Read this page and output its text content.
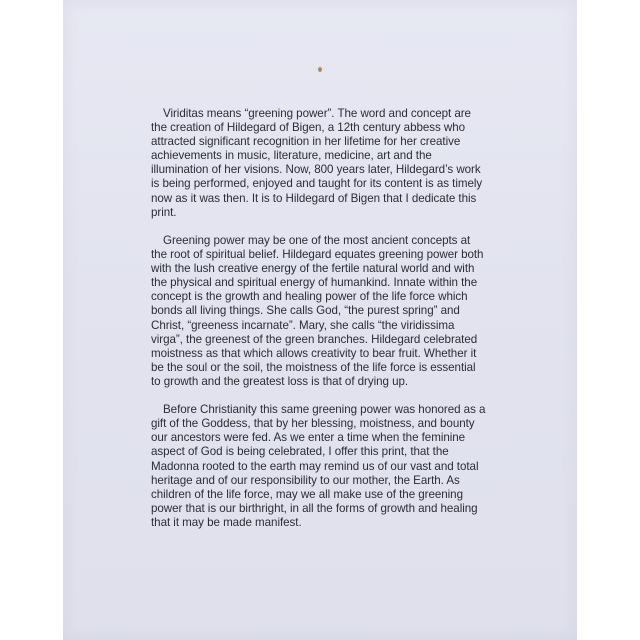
Viriditas means “greening power”. The word and concept are the creation of Hildegard of Bigen, a 12th century abbess who attracted significant recognition in her lifetime for her creative achievements in music, literature, medicine, art and the illumination of her visions. Now, 800 years later, Hildegard’s work is being performed, enjoyed and taught for its content is as timely now as it was then. It is to Hildegard of Bigen that I dedicate this print.

Greening power may be one of the most ancient concepts at the root of spiritual belief. Hildegard equates greening power both with the lush creative energy of the fertile natural world and with the physical and spiritual energy of humankind. Innate within the concept is the growth and healing power of the life force which bonds all living things. She calls God, “the purest spring” and Christ, “greeness incarnate”. Mary, she calls “the viridissima virga”, the greenest of the green branches. Hildegard celebrated moistness as that which allows creativity to bear fruit. Whether it be the soul or the soil, the moistness of the life force is essential to growth and the greatest loss is that of drying up.

Before Christianity this same greening power was honored as a gift of the Goddess, that by her blessing, moistness, and bounty our ancestors were fed. As we enter a time when the feminine aspect of God is being celebrated, I offer this print, that the Madonna rooted to the earth may remind us of our vast and total heritage and of our responsibility to our mother, the Earth. As children of the life force, may we all make use of the greening power that is our birthright, in all the forms of growth and healing that it may be made manifest.
